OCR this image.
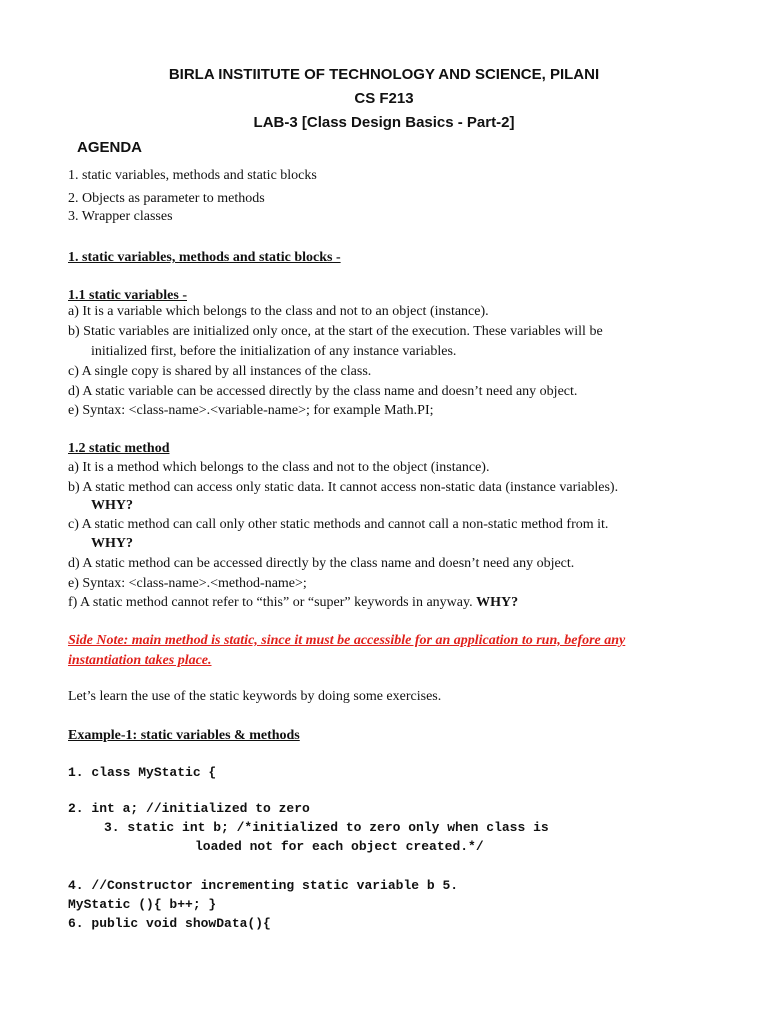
BIRLA INSTIITUTE OF TECHNOLOGY AND SCIENCE, PILANI
CS F213
LAB-3 [Class Design Basics - Part-2]
AGENDA
1. static variables, methods and static blocks
2. Objects as parameter to methods
3. Wrapper classes
1. static variables, methods and static blocks -
1.1 static variables -
a) It is a variable which belongs to the class and not to an object (instance).
b) Static variables are initialized only once, at the start of the execution. These variables will be
initialized first, before the initialization of any instance variables.
c) A single copy is shared by all instances of the class.
d) A static variable can be accessed directly by the class name and doesn’t need any object.
e) Syntax: <class-name>.<variable-name>; for example Math.PI;
1.2 static method
a) It is a method which belongs to the class and not to the object (instance).
b) A static method can access only static data. It cannot access non-static data (instance variables).
WHY?
c) A static method can call only other static methods and cannot call a non-static method from it.
WHY?
d) A static method can be accessed directly by the class name and doesn’t need any object.
e) Syntax: <class-name>.<method-name>;
f) A static method cannot refer to “this” or “super” keywords in anyway. WHY?
Side Note: main method is static, since it must be accessible for an application to run, before any
instantiation takes place.
Let’s learn the use of the static keywords by doing some exercises.
Example-1: static variables & methods
1. class MyStatic {
2. int a; //initialized to zero
3. static int b; /*initialized to zero only when class is
loaded not for each object created.*/
4. //Constructor incrementing static variable b 5.
MyStatic (){ b++; }
6. public void showData(){
